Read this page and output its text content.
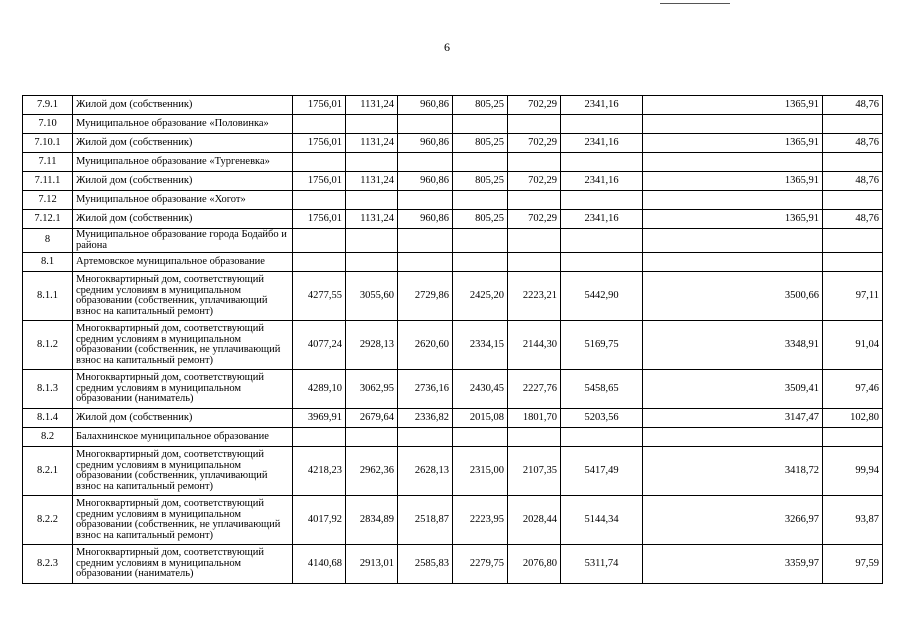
6
7.9.1	Жилой дом (собственник)	1756,01	1131,24	960,86	805,25	702,29	2341,16	1365,91	48,76
7.10	Муниципальное образование «Половинка»								
7.10.1	Жилой дом (собственник)	1756,01	1131,24	960,86	805,25	702,29	2341,16	1365,91	48,76
7.11	Муниципальное образование «Тургеневка»								
7.11.1	Жилой дом (собственник)	1756,01	1131,24	960,86	805,25	702,29	2341,16	1365,91	48,76
7.12	Муниципальное образование «Хогот»								
7.12.1	Жилой дом (собственник)	1756,01	1131,24	960,86	805,25	702,29	2341,16	1365,91	48,76
8	Муниципальное образование города Бодайбо и района								
8.1	Артемовское муниципальное образование								
8.1.1	Многоквартирный дом, соответствующий средним условиям в муниципальном образовании (собственник, уплачивающий взнос на капитальный ремонт)	4277,55	3055,60	2729,86	2425,20	2223,21	5442,90	3500,66	97,11
8.1.2	Многоквартирный дом, соответствующий средним условиям в муниципальном образовании (собственник, не уплачивающий взнос на капитальный ремонт)	4077,24	2928,13	2620,60	2334,15	2144,30	5169,75	3348,91	91,04
8.1.3	Многоквартирный дом, соответствующий средним условиям в муниципальном образовании (наниматель)	4289,10	3062,95	2736,16	2430,45	2227,76	5458,65	3509,41	97,46
8.1.4	Жилой дом (собственник)	3969,91	2679,64	2336,82	2015,08	1801,70	5203,56	3147,47	102,80
8.2	Балахнинское муниципальное образование								
8.2.1	Многоквартирный дом, соответствующий средним условиям в муниципальном образовании (собственник, уплачивающий взнос на капитальный ремонт)	4218,23	2962,36	2628,13	2315,00	2107,35	5417,49	3418,72	99,94
8.2.2	Многоквартирный дом, соответствующий средним условиям в муниципальном образовании (собственник, не уплачивающий взнос на капитальный ремонт)	4017,92	2834,89	2518,87	2223,95	2028,44	5144,34	3266,97	93,87
8.2.3	Многоквартирный дом, соответствующий средним условиям в муниципальном образовании (наниматель)	4140,68	2913,01	2585,83	2279,75	2076,80	5311,74	3359,97	97,59
